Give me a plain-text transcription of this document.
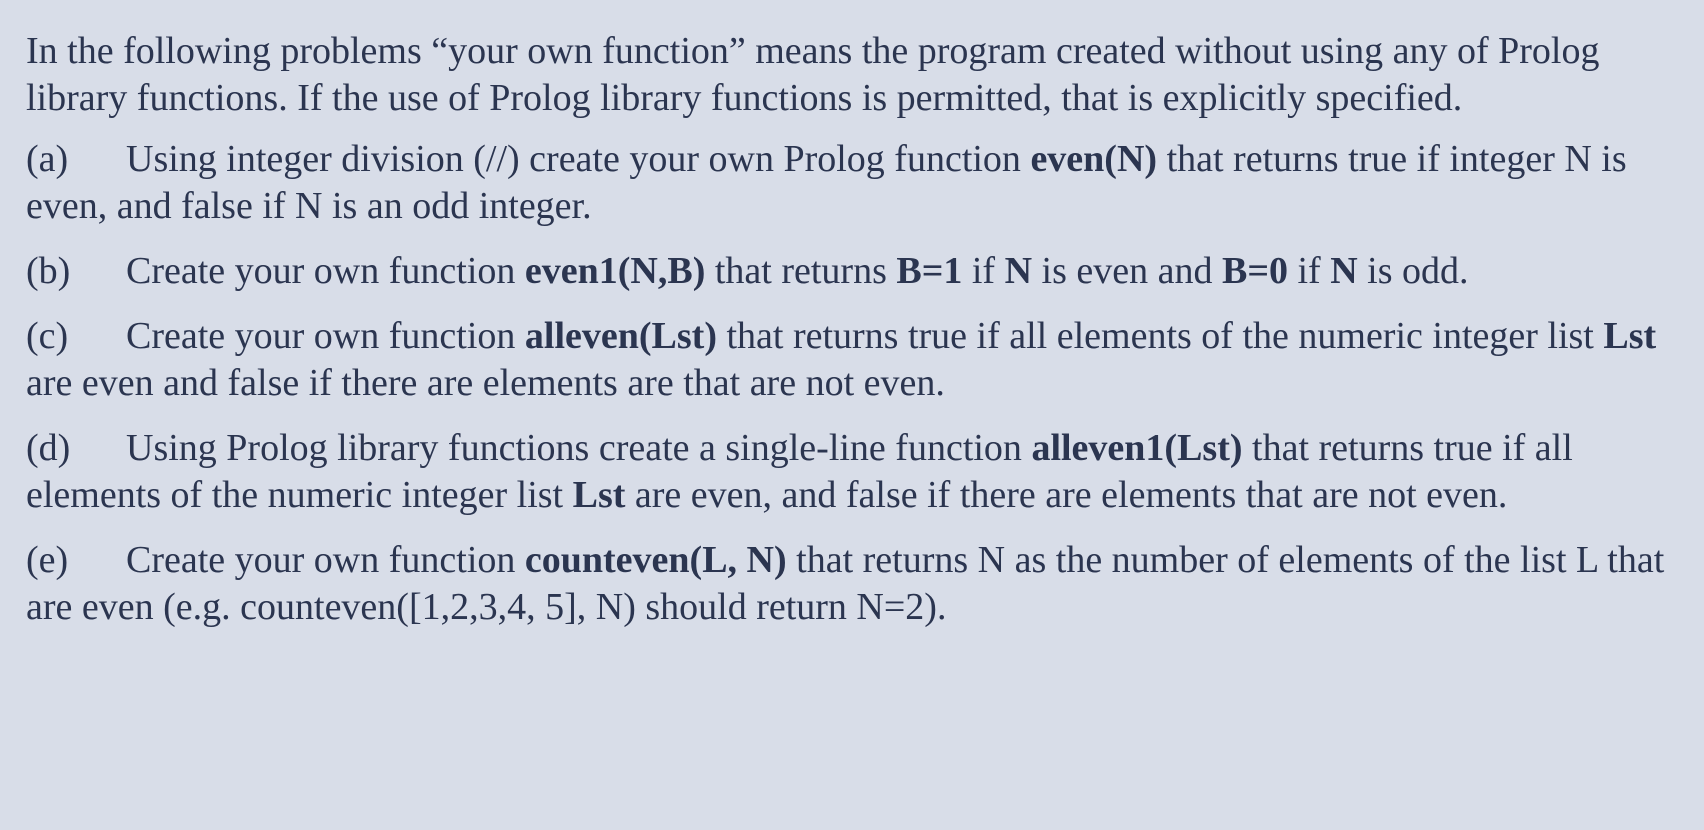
In the following problems “your own function” means the program created without using any of Prolog library functions. If the use of Prolog library functions is permitted, that is explicitly specified.

(a) Using integer division (//) create your own Prolog function even(N) that returns true if integer N is even, and false if N is an odd integer.

(b) Create your own function even1(N,B) that returns B=1 if N is even and B=0 if N is odd.

(c) Create your own function alleven(Lst) that returns true if all elements of the numeric integer list Lst are even and false if there are elements are that are not even.

(d) Using Prolog library functions create a single-line function alleven1(Lst) that returns true if all elements of the numeric integer list Lst are even, and false if there are elements that are not even.

(e) Create your own function counteven(L, N) that returns N as the number of elements of the list L that are even (e.g. counteven([1,2,3,4, 5], N) should return N=2).
